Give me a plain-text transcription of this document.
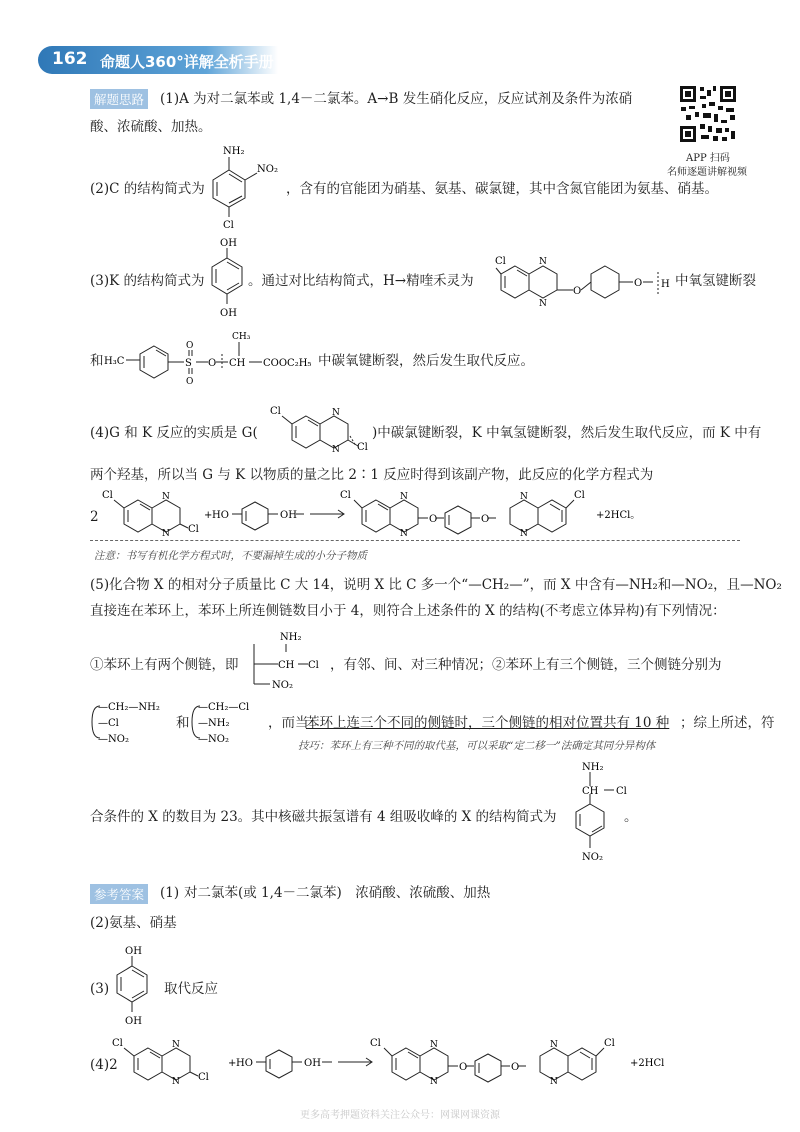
162 命题人360°详解全析手册
APP 扫码
名师逐题讲解视频
解题思路 (1)A 为对二氯苯或 1,4－二氯苯。A→B 发生硝化反应，反应试剂及条件为浓硝
酸、浓硫酸、加热。
(2)C 的结构简式为
NH₂
NO₂
Cl
，含有的官能团为硝基、氨基、碳氯键，其中含氮官能团为氨基、硝基。
(3)K 的结构简式为
OH
OH
。通过对比结构简式，H→精喹禾灵为
Cl	N
N
O
O H 中氧氢键断裂
和 H₃C	S
O
O
O CH
CH₃
COOC₂H₅ 中碳氧键断裂，然后发生取代反应。
(4)G 和 K 反应的实质是 G(
Cl	N
N Cl
)中碳氯键断裂，K 中氧氢键断裂，然后发生取代反应，而 K 中有
两个羟基，所以当 G 与 K 以物质的量之比 2∶1 反应时得到该副产物，此反应的化学方程式为
2
Cl	N
N Cl
+ HO	OH
Cl	N
N
O	O
N
N
Cl
+2HCl。
注意：书写有机化学方程式时，不要漏掉生成的小分子物质
(5)化合物 X 的相对分子质量比 C 大 14，说明 X 比 C 多一个“—CH₂—”，而 X 中含有—NH₂和—NO₂，且—NO₂
直接连在苯环上，苯环上所连侧链数目小于 4，则符合上述条件的 X 的结构(不考虑立体异构)有下列情况：
①苯环上有两个侧链，即
NH₂
CH Cl
NO₂
，有邻、间、对三种情况；②苯环上有三个侧链，三个侧链分别为
—CH₂—NH₂
—Cl
—NO₂
和
—CH₂—Cl
—NH₂
—NO₂
，而当
苯环上连三个不同的侧链时，三个侧链的相对位置共有 10 种 ；综上所述，符
技巧：苯环上有三种不同的取代基，可以采取“定二移一”法确定其同分异构体
合条件的 X 的数目为 23。其中核磁共振氢谱有 4 组吸收峰的 X 的结构简式为
NH₂
CH Cl
NO₂
。
参考答案 (1) 对二氯苯(或 1,4－二氯苯)　浓硝酸、浓硫酸、加热
(2)氨基、硝基
(3)
OH
OH
取代反应
(4)2
Cl	N
N Cl
+ HO	OH
Cl	N
N
O	O
N
N
Cl
+2HCl
更多高考押题资料关注公众号：网课网课资源
